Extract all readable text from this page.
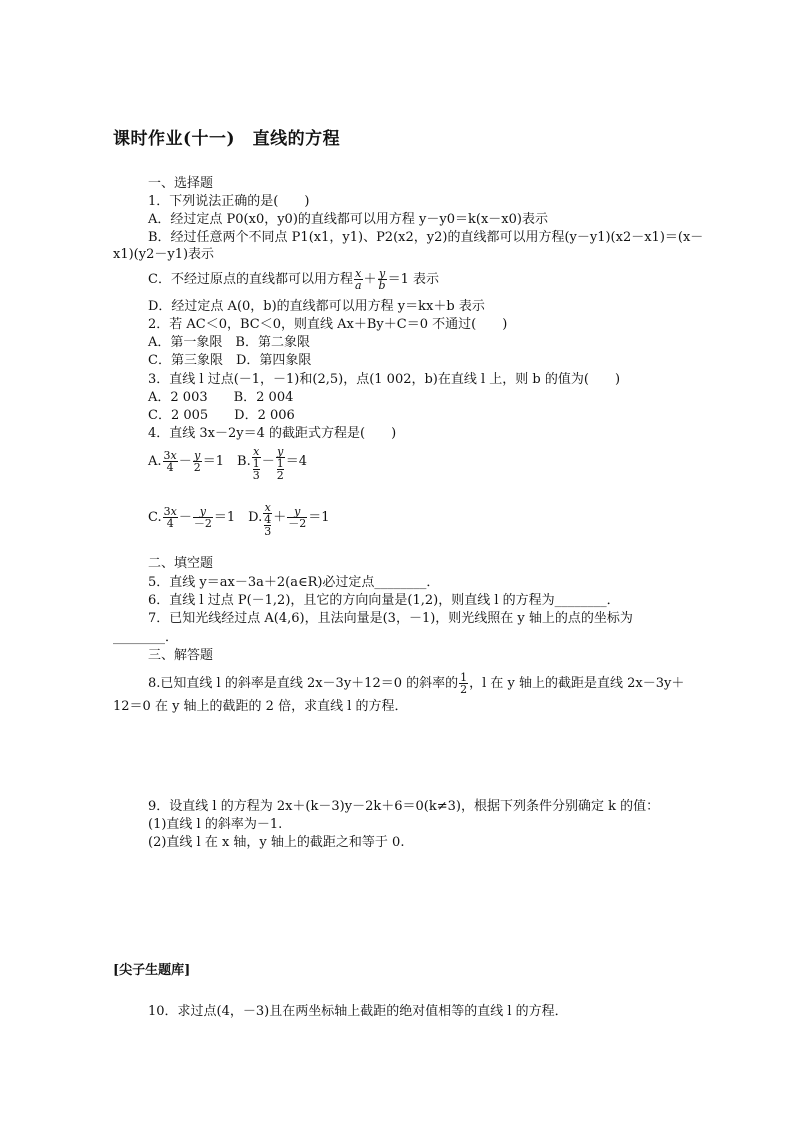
课时作业(十一)　直线的方程
一、选择题
1．下列说法正确的是(　　)
A．经过定点 P0(x0，y0)的直线都可以用方程 y－y0＝k(x－x0)表示
B．经过任意两个不同点 P1(x1，y1)、P2(x2，y2)的直线都可以用方程(y－y1)(x2－x1)＝(x－
x1)(y2－y1)表示
C．不经过原点的直线都可以用方程 $\frac{x}{a} + \frac{y}{b} =1$ 表示
D．经过定点 A(0，b)的直线都可以用方程 y＝kx＋b 表示
2．若 AC＜0，BC＜0，则直线 Ax＋By＋C＝0 不通过(　　)
A．第一象限　B．第二象限
C．第三象限　D．第四象限
3．直线 l 过点(－1，－1)和(2,5)，点(1 002，b)在直线 l 上，则 b 的值为(　　)
A．2 003　　B．2 004
C．2 005　　D．2 006
4．直线 3x－2y＝4 的截距式方程是(　　)
A. $\frac{3x}{4} - \frac{y}{2} =1$　B. x
1
3 － y
1
2 ＝4
C. $\frac{3x}{4} - \frac{y}{-2} =1$　D. x
4
$3 + \frac{y}{-2} =1$
二、填空题
5．直线 y＝ax－3a＋2(a∈R)必过定点________．
6．直线 l 过点 P(－1,2)，且它的方向向量是(1,2)，则直线 l 的方程为________．
7．已知光线经过点 A(4,6)，且法向量是(3，－1)，则光线照在 y 轴上的点的坐标为
________．
三、解答题
8.已知直线 l 的斜率是直线 2x－3y＋12＝0 的斜率的 $\frac{1}{2}$ ，l 在 y 轴上的截距是直线 2x－3y＋
12＝0 在 y 轴上的截距的 2 倍，求直线 l 的方程．
9．设直线 l 的方程为 2x＋(k－3)y－2k＋6＝0(k≠3)，根据下列条件分别确定 k 的值：
(1)直线 l 的斜率为－1.
(2)直线 l 在 x 轴，y 轴上的截距之和等于 0.
[尖子生题库]
10．求过点(4，－3)且在两坐标轴上截距的绝对值相等的直线 l 的方程．
